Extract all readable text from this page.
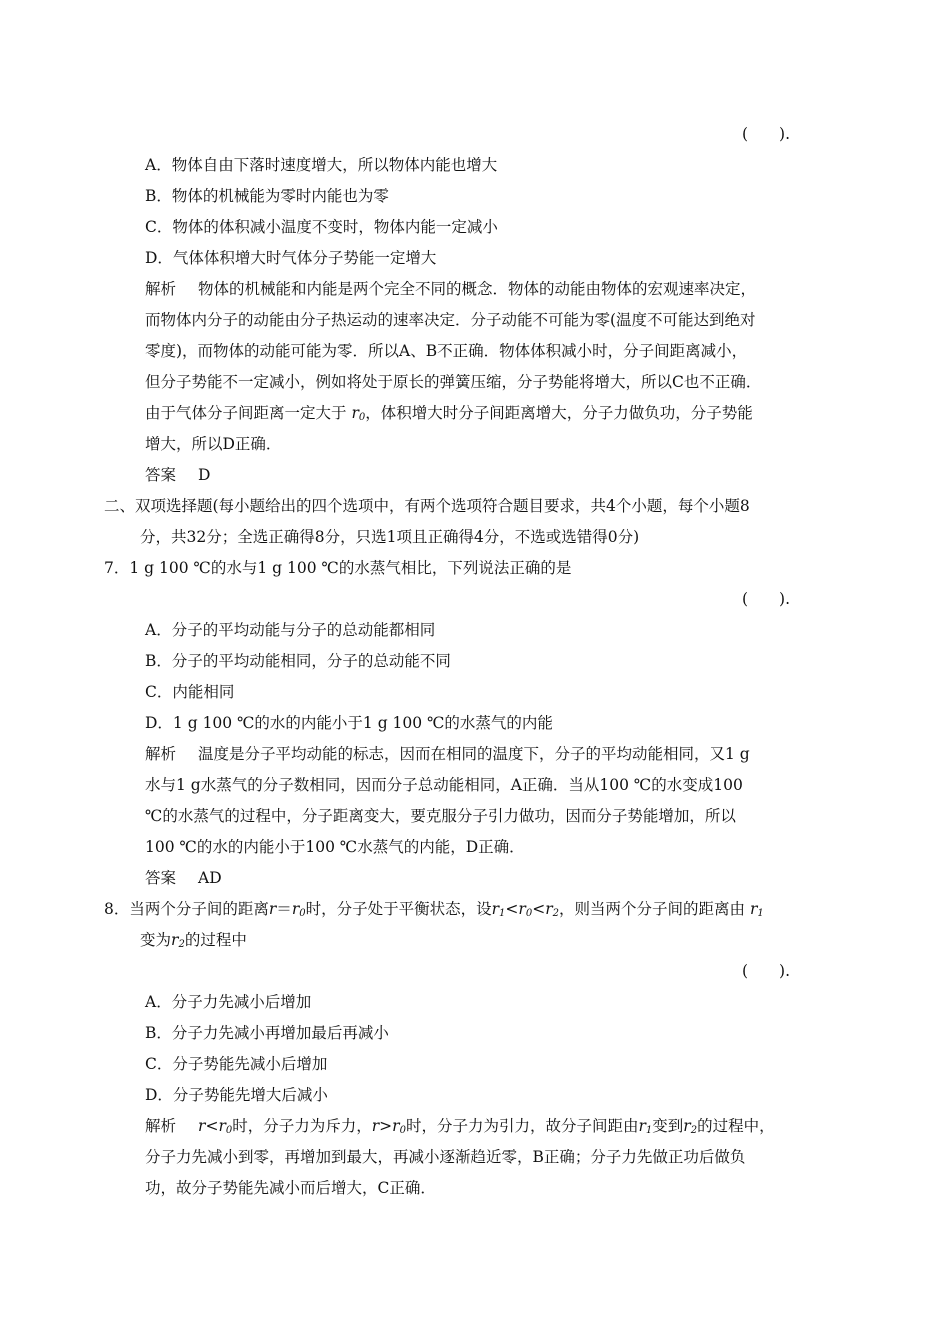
(　　).
A．物体自由下落时速度增大，所以物体内能也增大
B．物体的机械能为零时内能也为零
C．物体的体积减小温度不变时，物体内能一定减小
D．气体体积增大时气体分子势能一定增大
解析 物体的机械能和内能是两个完全不同的概念．物体的动能由物体的宏观速率决定，
而物体内分子的动能由分子热运动的速率决定．分子动能不可能为零(温度不可能达到绝对
零度)，而物体的动能可能为零．所以A、B不正确．物体体积减小时，分子间距离减小，
但分子势能不一定减小，例如将处于原长的弹簧压缩，分子势能将增大，所以C也不正确．
由于气体分子间距离一定大于 $r_0$，体积增大时分子间距离增大，分子力做负功，分子势能
增大，所以D正确．
答案 D
二、双项选择题(每小题给出的四个选项中，有两个选项符合题目要求，共4个小题，每个小题8
分，共32分；全选正确得8分，只选1项且正确得4分，不选或选错得0分)
7．1 g 100 ℃的水与1 g 100 ℃的水蒸气相比，下列说法正确的是
(　　).
A．分子的平均动能与分子的总动能都相同
B．分子的平均动能相同，分子的总动能不同
C．内能相同
D．1 g 100 ℃的水的内能小于1 g 100 ℃的水蒸气的内能
解析 温度是分子平均动能的标志，因而在相同的温度下，分子的平均动能相同，又1 g
水与1 g水蒸气的分子数相同，因而分子总动能相同，A正确．当从100 ℃的水变成100
℃的水蒸气的过程中，分子距离变大，要克服分子引力做功，因而分子势能增加，所以
100 ℃的水的内能小于100 ℃水蒸气的内能，D正确．
答案 AD
8．当两个分子间的距离$r=r_0$时，分子处于平衡状态，设$r_1<r_0<r_2$，则当两个分子间的距离由 $r_1$
变为$r_2$的过程中
(　　).
A．分子力先减小后增加
B．分子力先减小再增加最后再减小
C．分子势能先减小后增加
D．分子势能先增大后减小
解析 $r<r_0$时，分子力为斥力，$r>r_0$时，分子力为引力，故分子间距由$r_1$变到$r_2$的过程中，
分子力先减小到零，再增加到最大，再减小逐渐趋近零，B正确；分子力先做正功后做负
功，故分子势能先减小而后增大，C正确．
